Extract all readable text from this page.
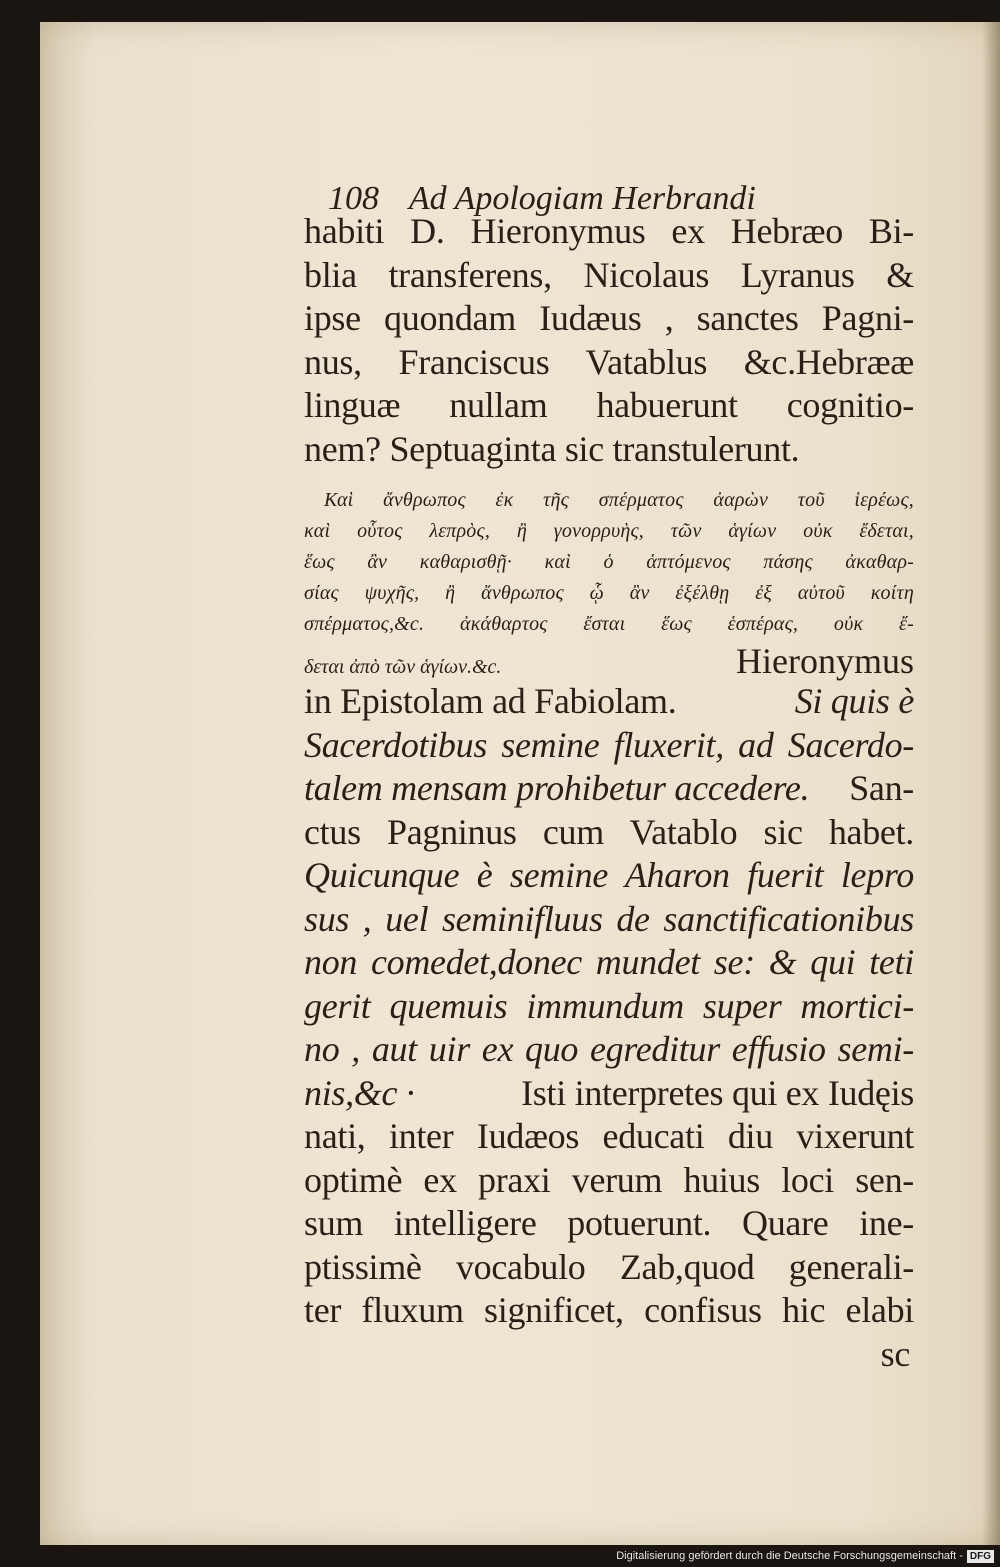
108 Ad Apologiam Herbrandi
habiti D. Hieronymus ex Hebræo Bi-
blia transferens, Nicolaus Lyranus &
ipse quondam Iudæus , sanctes Pagni-
nus, Franciscus Vatablus &c.Hebrææ
linguæ nullam habuerunt cognitio-
nem? Septuaginta sic transtulerunt.
Καὶ ἄνθρωπος ἐκ τῆς σπέρματος ἀαρὼν τοῦ ἱερέως,
καὶ οὗτος λεπρὸς, ἢ γονορρυὴς, τῶν ἁγίων οὐκ ἔδεται,
ἕως ἂν καθαρισθῇ· καὶ ὁ ἁπτόμενος πάσης ἀκαθαρ-
σίας ψυχῆς, ἢ ἄνθρωπος ᾧ ἂν ἐξέλθῃ ἐξ αὐτοῦ κοίτη
σπέρματος,&c. ἀκάθαρτος ἔσται ἕως ἑσπέρας, οὐκ ἔ-
δεται ἀπὸ τῶν ἁγίων.&c.	Hieronymus
in Epistolam ad Fabiolam.	Si quis è
Sacerdotibus semine fluxerit, ad Sacerdo-
talem mensam prohibetur accedere. San-
ctus Pagninus cum Vatablo sic habet.
Quicunque è semine Aharon fuerit lepro
sus , uel seminifluus de sanctificationibus
non comedet,donec mundet se: & qui teti
gerit quemuis immundum super mortici-
no , aut uir ex quo egreditur effusio semi-
nis,&c ·	Isti interpretes qui ex Iudęis
nati, inter Iudæos educati diu vixerunt
optimè ex praxi verum huius loci sen-
sum intelligere potuerunt. Quare ine-
ptissimè vocabulo Zab,quod generali-
ter fluxum significet, confisus hic elabi
sc
Digitalisierung gefördert durch die Deutsche Forschungsgemeinschaft - DFG
